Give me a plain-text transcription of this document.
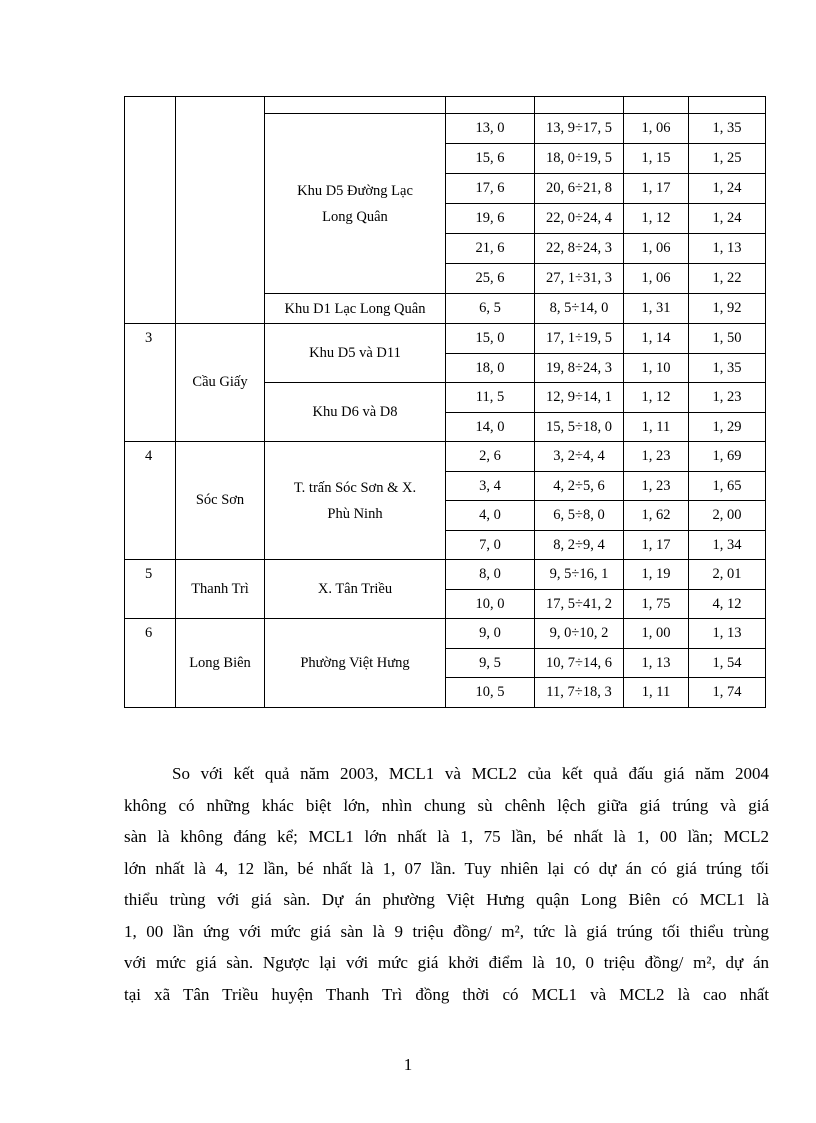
		Khu D5 Đường Lạc Long Quân	13, 0	13, 9÷17, 5	1, 06	1, 35
			15, 6	18, 0÷19, 5	1, 15	1, 25
			17, 6	20, 6÷21, 8	1, 17	1, 24
			19, 6	22, 0÷24, 4	1, 12	1, 24
			21, 6	22, 8÷24, 3	1, 06	1, 13
			25, 6	27, 1÷31, 3	1, 06	1, 22
		Khu D1 Lạc Long Quân	6, 5	8, 5÷14, 0	1, 31	1, 92

3	Cầu Giấy	Khu D5 và D11	15, 0	17, 1÷19, 5	1, 14	1, 50
			18, 0	19, 8÷24, 3	1, 10	1, 35
		Khu D6 và D8	11, 5	12, 9÷14, 1	1, 12	1, 23
			14, 0	15, 5÷18, 0	1, 11	1, 29

4	Sóc Sơn	T. trấn Sóc Sơn & X. Phù Ninh	2, 6	3, 2÷4, 4	1, 23	1, 69
			3, 4	4, 2÷5, 6	1, 23	1, 65
			4, 0	6, 5÷8, 0	1, 62	2, 00
			7, 0	8, 2÷9, 4	1, 17	1, 34

5	Thanh Trì	X. Tân Triều	8, 0	9, 5÷16, 1	1, 19	2, 01
			10, 0	17, 5÷41, 2	1, 75	4, 12

6	Long Biên	Phường Việt Hưng	9, 0	9, 0÷10, 2	1, 00	1, 13
			9, 5	10, 7÷14, 6	1, 13	1, 54
			10, 5	11, 7÷18, 3	1, 11	1, 74
So với kết quả năm 2003, MCL1 và MCL2 của kết quả đấu giá năm 2004
không có những khác biệt lớn, nhìn chung sù chênh lệch giữa giá trúng và giá
sàn là không đáng kể; MCL1 lớn nhất là 1, 75 lần, bé nhất là 1, 00 lần; MCL2
lớn nhất là 4, 12 lần, bé nhất là 1, 07 lần. Tuy nhiên lại có dự án có giá trúng tối
thiểu trùng với giá sàn. Dự án phường Việt Hưng quận Long Biên có MCL1 là
1, 00 lần ứng với mức giá sàn là 9 triệu đồng/ m², tức là giá trúng tối thiểu trùng
với mức giá sàn. Ngược lại với mức giá khởi điểm là 10, 0 triệu đồng/ m², dự án
tại xã Tân Triều huyện Thanh Trì đồng thời có MCL1 và MCL2 là cao nhất
1
